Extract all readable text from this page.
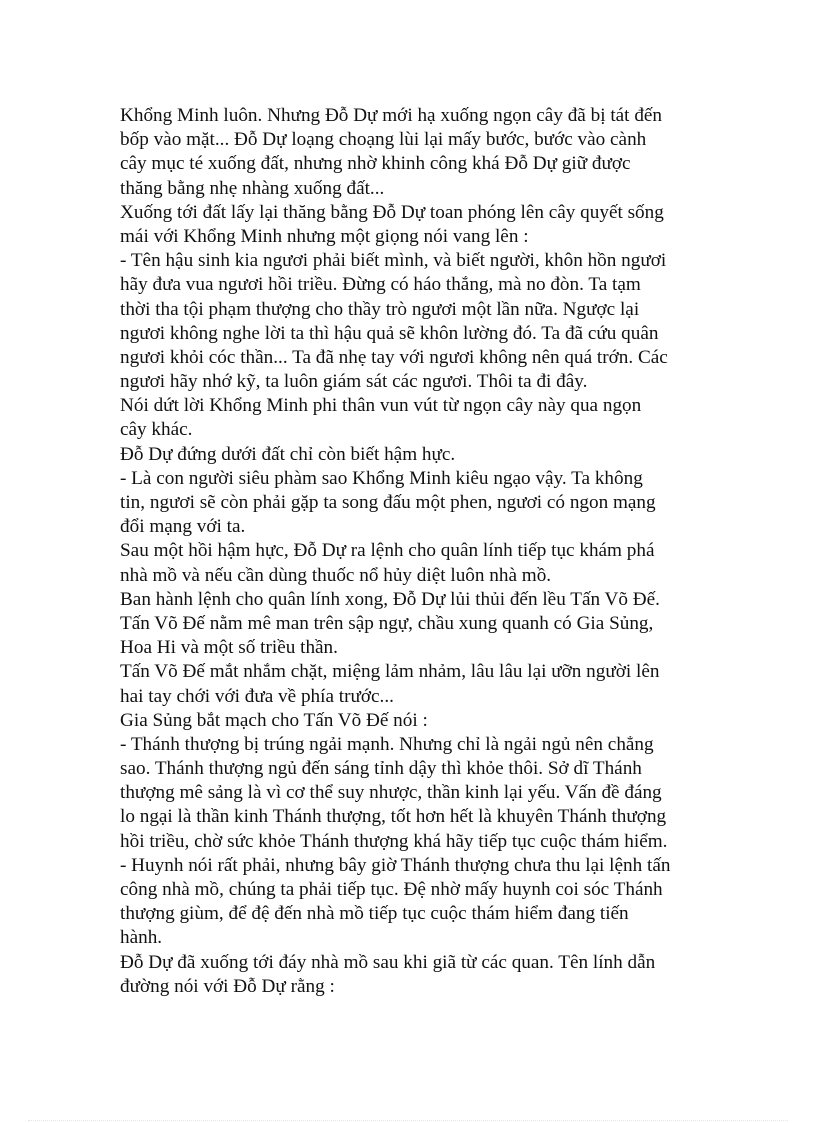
Khổng Minh luôn. Nhưng Đỗ Dự mới hạ xuống ngọn cây đã bị tát đến
bốp vào mặt... Đỗ Dự loạng choạng lùi lại mấy bước, bước vào cành
cây mục té xuống đất, nhưng nhờ khinh công khá Đỗ Dự giữ được
thăng bằng nhẹ nhàng xuống đất...
Xuống tới đất lấy lại thăng bằng Đỗ Dự toan phóng lên cây quyết sống
mái với Khổng Minh nhưng một giọng nói vang lên :
- Tên hậu sinh kia ngươi phải biết mình, và biết người, khôn hồn ngươi
hãy đưa vua ngươi hồi triều. Đừng có háo thắng, mà no đòn. Ta tạm
thời tha tội phạm thượng cho thầy trò ngươi một lần nữa. Ngược lại
ngươi không nghe lời ta thì hậu quả sẽ khôn lường đó. Ta đã cứu quân
ngươi khỏi cóc thần... Ta đã nhẹ tay với ngươi không nên quá trớn. Các
ngươi hãy nhớ kỹ, ta luôn giám sát các ngươi. Thôi ta đi đây.
Nói dứt lời Khổng Minh phi thân vun vút từ ngọn cây này qua ngọn
cây khác.
Đỗ Dự đứng dưới đất chỉ còn biết hậm hực.
- Là con người siêu phàm sao Khổng Minh kiêu ngạo vậy. Ta không
tin, ngươi sẽ còn phải gặp ta song đấu một phen, ngươi có ngon mạng
đổi mạng với ta.
Sau một hồi hậm hực, Đỗ Dự ra lệnh cho quân lính tiếp tục khám phá
nhà mồ và nếu cần dùng thuốc nổ hủy diệt luôn nhà mồ.
Ban hành lệnh cho quân lính xong, Đỗ Dự lủi thủi đến lều Tấn Võ Đế.
Tấn Võ Đế nằm mê man trên sập ngự, chầu xung quanh có Gia Sủng,
Hoa Hi và một số triều thần.
Tấn Võ Đế mắt nhắm chặt, miệng lảm nhảm, lâu lâu lại ưỡn người lên
hai tay chới với đưa về phía trước...
Gia Sủng bắt mạch cho Tấn Võ Đế nói :
- Thánh thượng bị trúng ngải mạnh. Nhưng chỉ là ngải ngủ nên chẳng
sao. Thánh thượng ngủ đến sáng tỉnh dậy thì khỏe thôi. Sở dĩ Thánh
thượng mê sảng là vì cơ thể suy nhược, thần kinh lại yếu. Vấn đề đáng
lo ngại là thần kinh Thánh thượng, tốt hơn hết là khuyên Thánh thượng
hồi triều, chờ sức khỏe Thánh thượng khá hãy tiếp tục cuộc thám hiểm.
- Huynh nói rất phải, nhưng bây giờ Thánh thượng chưa thu lại lệnh tấn
công nhà mồ, chúng ta phải tiếp tục. Đệ nhờ mấy huynh coi sóc Thánh
thượng giùm, để đệ đến nhà mồ tiếp tục cuộc thám hiểm đang tiến
hành.
Đỗ Dự đã xuống tới đáy nhà mồ sau khi giã từ các quan. Tên lính dẫn
đường nói với Đỗ Dự rằng :
